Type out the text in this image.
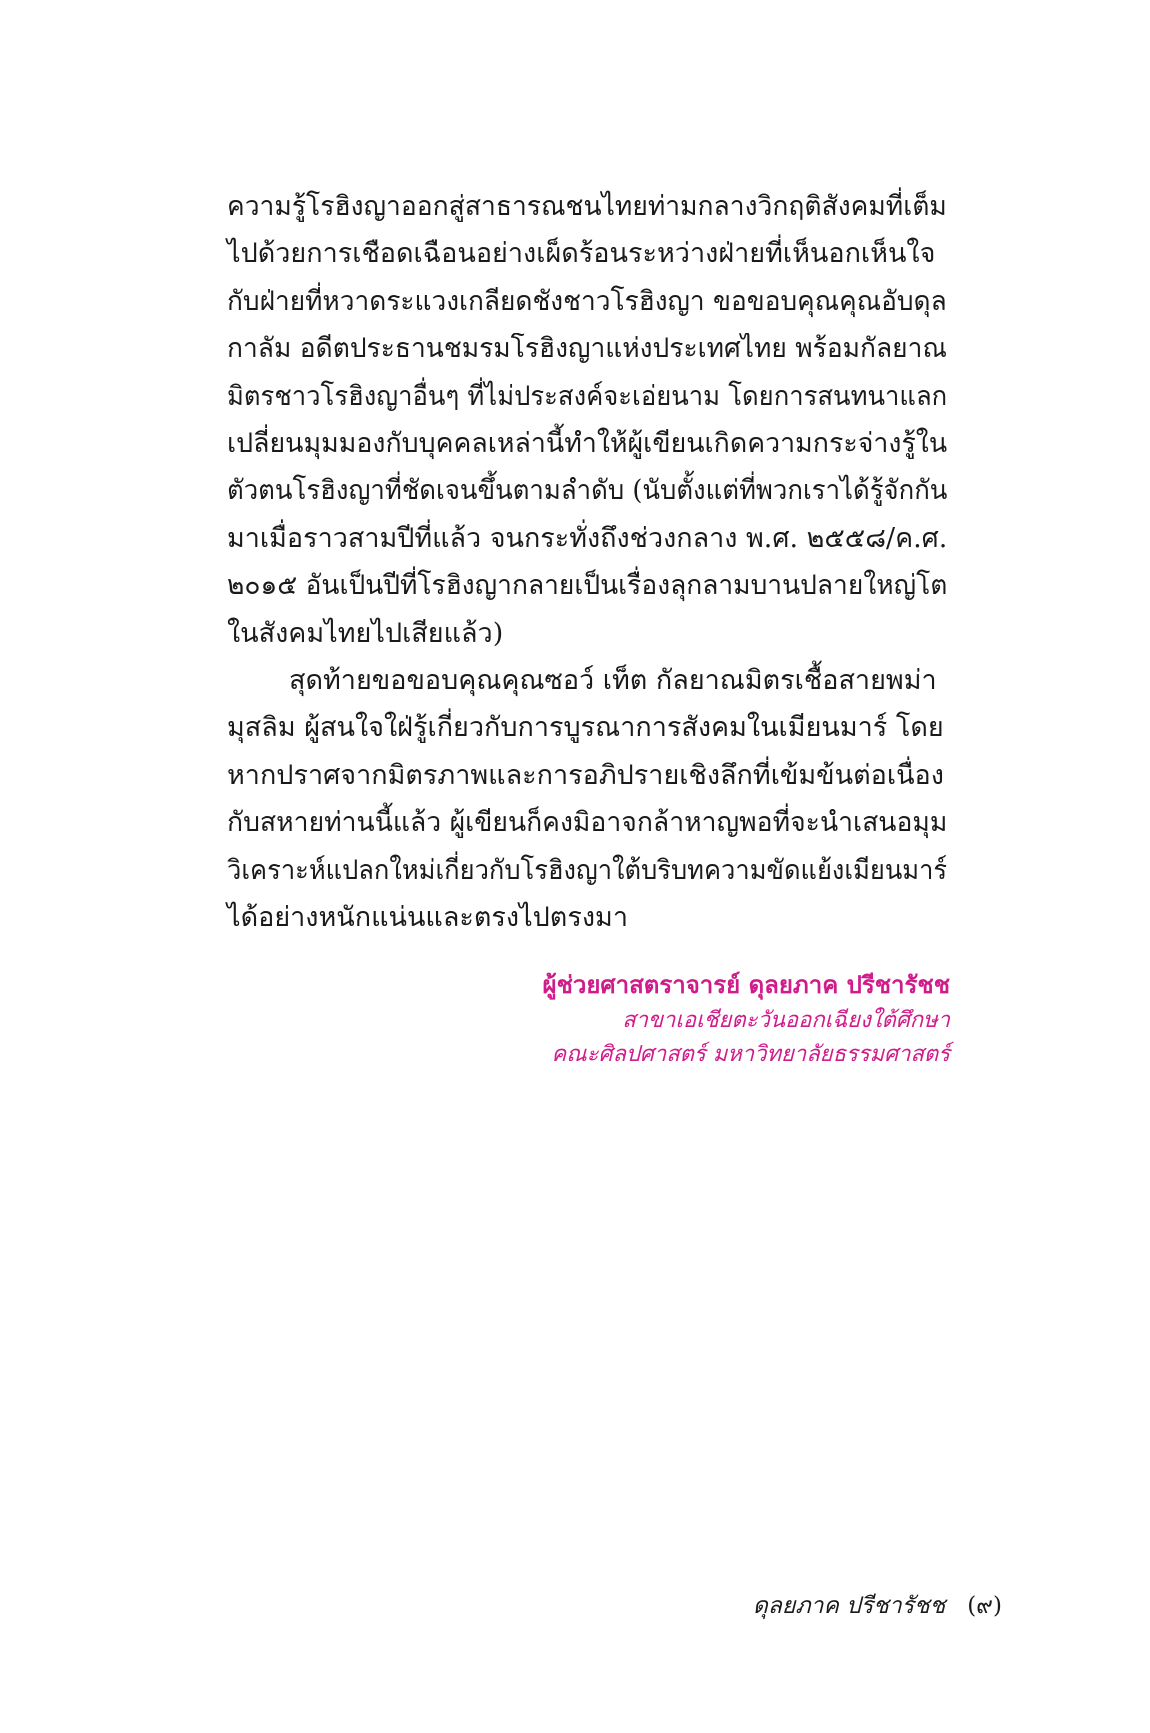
ความรู้โรฮิงญาออกสู่สาธารณชนไทยท่ามกลางวิกฤติสังคมที่เต็ม
ไปด้วยการเชือดเฉือนอย่างเผ็ดร้อนระหว่างฝ่ายที่เห็นอกเห็นใจ
กับฝ่ายที่หวาดระแวงเกลียดชังชาวโรฮิงญา ขอขอบคุณคุณอับดุล
กาลัม อดีตประธานชมรมโรฮิงญาแห่งประเทศไทย พร้อมกัลยาณ
มิตรชาวโรฮิงญาอื่นๆ ที่ไม่ประสงค์จะเอ่ยนาม โดยการสนทนาแลก
เปลี่ยนมุมมองกับบุคคลเหล่านี้ทำให้ผู้เขียนเกิดความกระจ่างรู้ใน
ตัวตนโรฮิงญาที่ชัดเจนขึ้นตามลำดับ (นับตั้งแต่ที่พวกเราได้รู้จักกัน
มาเมื่อราวสามปีที่แล้ว จนกระทั่งถึงช่วงกลาง พ.ศ. ๒๕๕๘/ค.ศ.
๒๐๑๕ อันเป็นปีที่โรฮิงญากลายเป็นเรื่องลุกลามบานปลายใหญ่โต
ในสังคมไทยไปเสียแล้ว)
สุดท้ายขอขอบคุณคุณซอว์ เท็ต กัลยาณมิตรเชื้อสายพม่า
มุสลิม ผู้สนใจใฝ่รู้เกี่ยวกับการบูรณาการสังคมในเมียนมาร์ โดย
หากปราศจากมิตรภาพและการอภิปรายเชิงลึกที่เข้มข้นต่อเนื่อง
กับสหายท่านนี้แล้ว ผู้เขียนก็คงมิอาจกล้าหาญพอที่จะนำเสนอมุม
วิเคราะห์แปลกใหม่เกี่ยวกับโรฮิงญาใต้บริบทความขัดแย้งเมียนมาร์
ได้อย่างหนักแน่นและตรงไปตรงมา
ผู้ช่วยศาสตราจารย์ ดุลยภาค ปรีชารัชช
สาขาเอเชียตะวันออกเฉียงใต้ศึกษา
คณะศิลปศาสตร์ มหาวิทยาลัยธรรมศาสตร์
ดุลยภาค ปรีชารัชช (๙)
